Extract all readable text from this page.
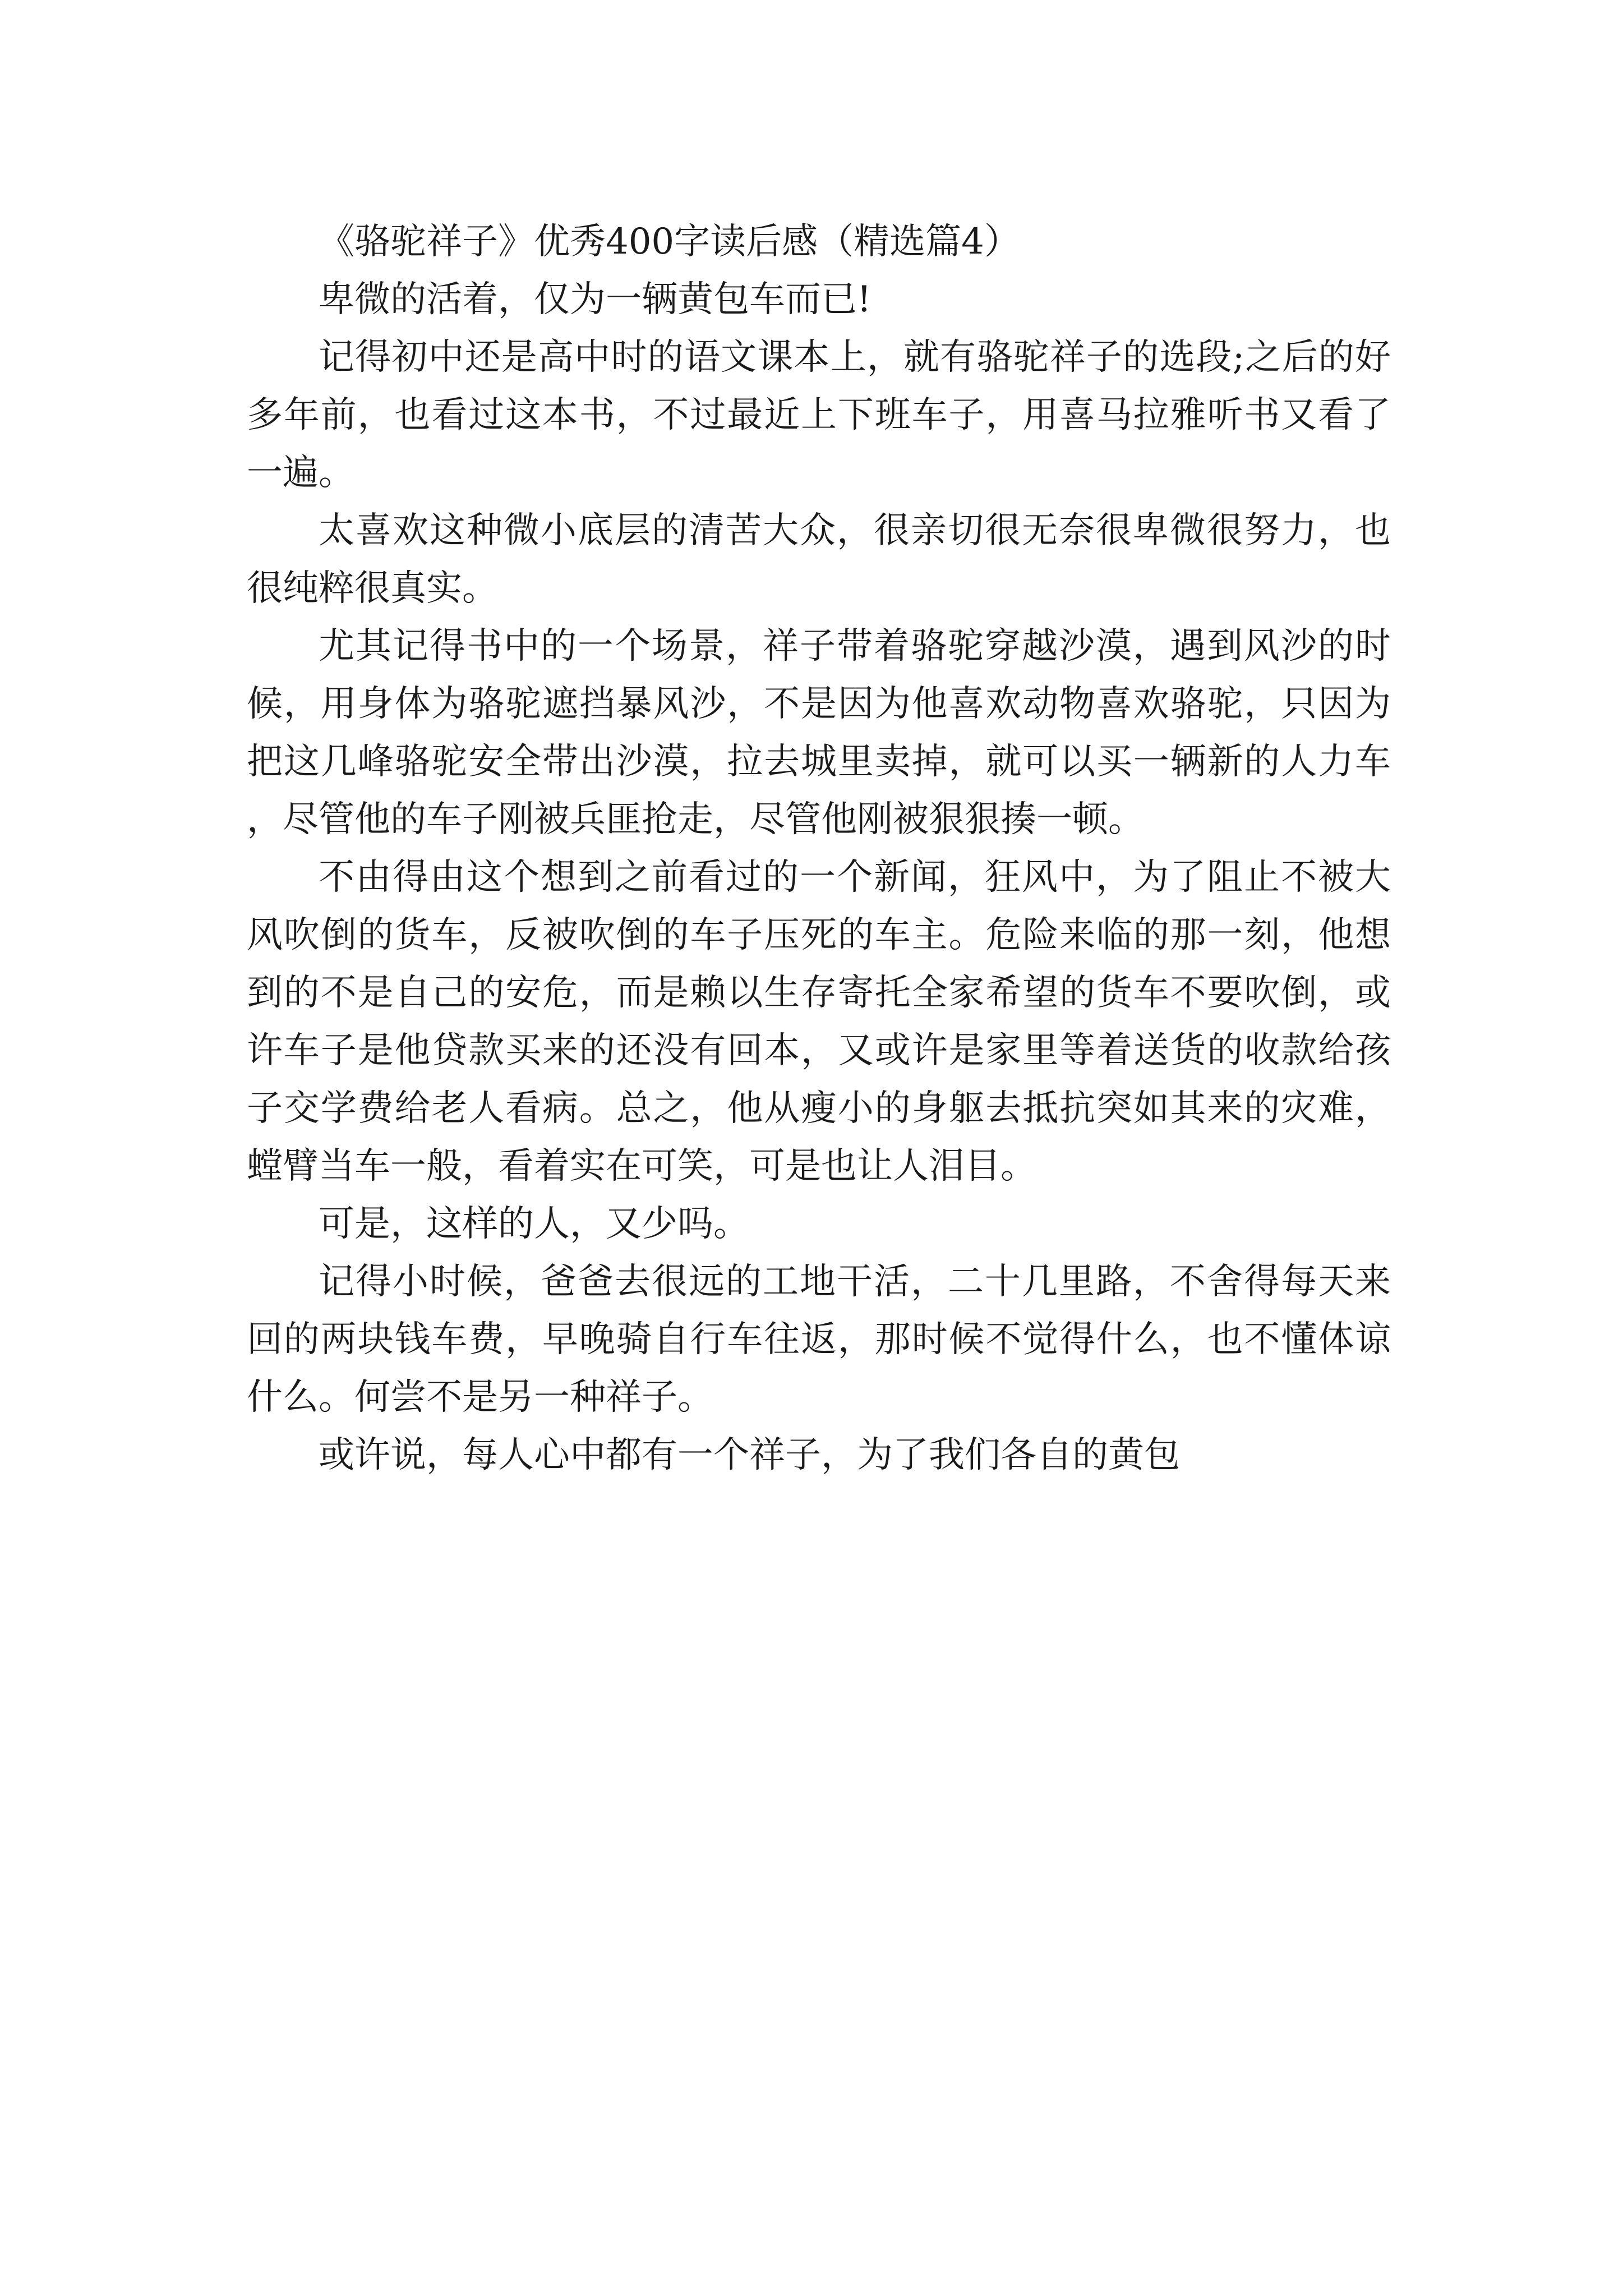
《骆驼祥子》优秀400字读后感（精选篇4）

卑微的活着，仅为一辆黄包车而已!

记得初中还是高中时的语文课本上，就有骆驼祥子的选段;之后的好多年前，也看过这本书，不过最近上下班车子，用喜马拉雅听书又看了一遍。

太喜欢这种微小底层的清苦大众，很亲切很无奈很卑微很努力，也很纯粹很真实。

尤其记得书中的一个场景，祥子带着骆驼穿越沙漠，遇到风沙的时候，用身体为骆驼遮挡暴风沙，不是因为他喜欢动物喜欢骆驼，只因为把这几峰骆驼安全带出沙漠，拉去城里卖掉，就可以买一辆新的人力车，尽管他的车子刚被兵匪抢走，尽管他刚被狠狠揍一顿。

不由得由这个想到之前看过的一个新闻，狂风中，为了阻止不被大风吹倒的货车，反被吹倒的车子压死的车主。危险来临的那一刻，他想到的不是自己的安危，而是赖以生存寄托全家希望的货车不要吹倒，或许车子是他贷款买来的还没有回本，又或许是家里等着送货的收款给孩子交学费给老人看病。总之，他从瘦小的身躯去抵抗突如其来的灾难，螳臂当车一般，看着实在可笑，可是也让人泪目。

可是，这样的人，又少吗。

记得小时候，爸爸去很远的工地干活，二十几里路，不舍得每天来回的两块钱车费，早晚骑自行车往返，那时候不觉得什么，也不懂体谅什么。何尝不是另一种祥子。

或许说，每人心中都有一个祥子，为了我们各自的黄包
